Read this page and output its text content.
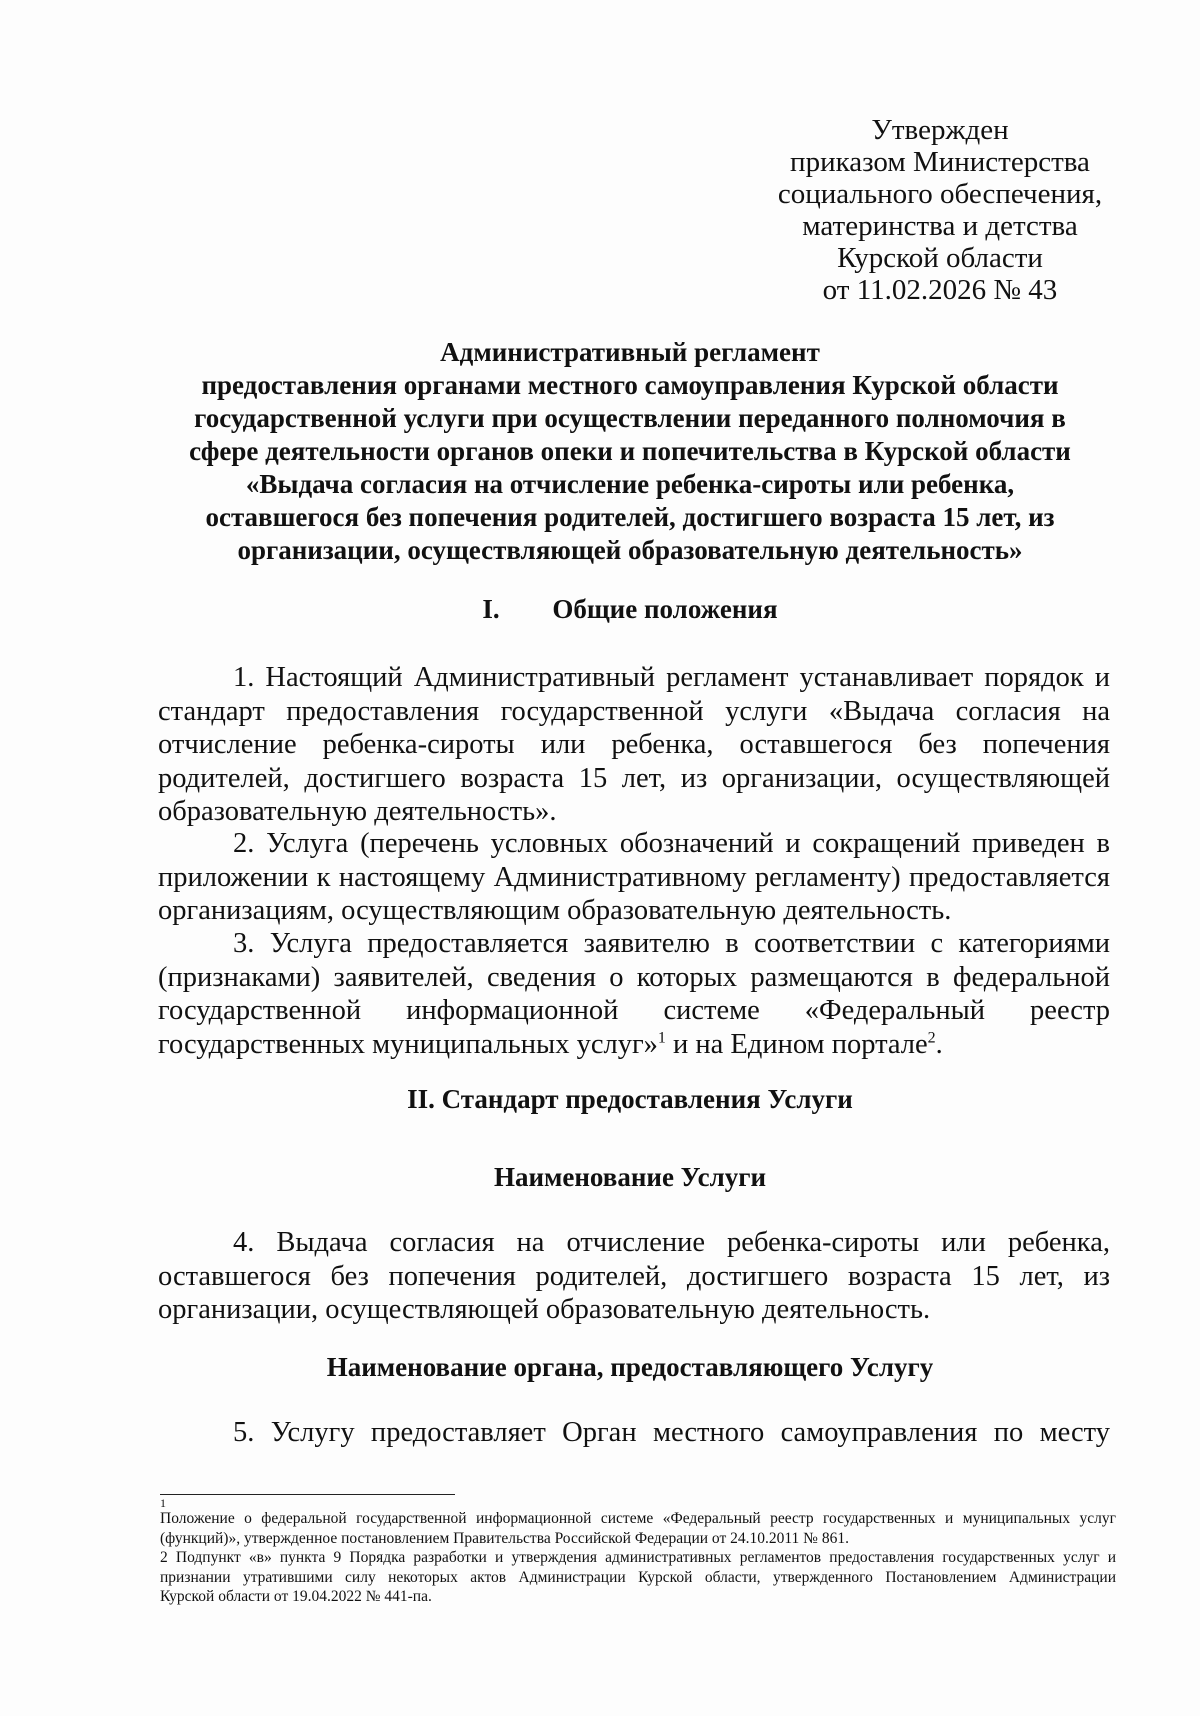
Утвержден
приказом Министерства
социального обеспечения,
материнства и детства
Курской области
от 11.02.2026 № 43
Административный регламент
предоставления органами местного самоуправления Курской области
государственной услуги при осуществлении переданного полномочия в
сфере деятельности органов опеки и попечительства в Курской области
«Выдача согласия на отчисление ребенка-сироты или ребенка,
оставшегося без попечения родителей, достигшего возраста 15 лет, из
организации, осуществляющей образовательную деятельность»
I. Общие положения
1. Настоящий Административный регламент устанавливает порядок и
стандарт предоставления государственной услуги «Выдача согласия на
отчисление ребенка-сироты или ребенка, оставшегося без попечения
родителей, достигшего возраста 15 лет, из организации, осуществляющей
образовательную деятельность».
2. Услуга (перечень условных обозначений и сокращений приведен в
приложении к настоящему Административному регламенту) предоставляется
организациям, осуществляющим образовательную деятельность.
3. Услуга предоставляется заявителю в соответствии с категориями
(признаками) заявителей, сведения о которых размещаются в федеральной
государственной информационной системе «Федеральный реестр
государственных муниципальных услуг»$^1$ и на Едином портале$^2$.
II. Стандарт предоставления Услуги
Наименование Услуги
4. Выдача согласия на отчисление ребенка-сироты или ребенка,
оставшегося без попечения родителей, достигшего возраста 15 лет, из
организации, осуществляющей образовательную деятельность.
Наименование органа, предоставляющего Услугу
5. Услугу предоставляет Орган местного самоуправления по месту
1
Положение о федеральной государственной информационной системе «Федеральный реестр государственных и муниципальных услуг
(функций)», утвержденное постановлением Правительства Российской Федерации от 24.10.2011 № 861.
2 Подпункт «в» пункта 9 Порядка разработки и утверждения административных регламентов предоставления государственных услуг и
признании утратившими силу некоторых актов Администрации Курской области, утвержденного Постановлением Администрации
Курской области от 19.04.2022 № 441-па.
